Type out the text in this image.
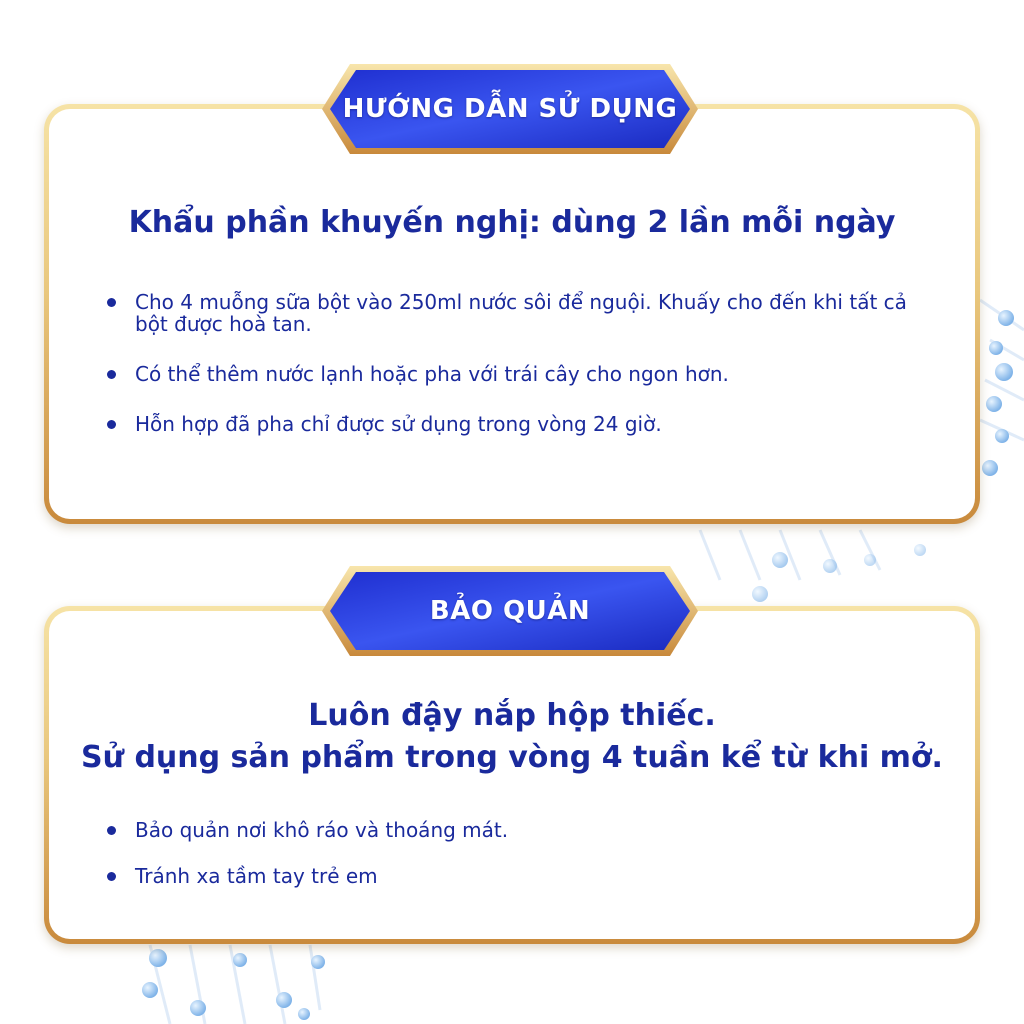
Khẩu phần khuyến nghị: dùng 2 lần mỗi ngày
Cho 4 muỗng sữa bột vào 250ml nước sôi để nguội. Khuấy cho đến khi tất cả bột được hoà tan.
Có thể thêm nước lạnh hoặc pha với trái cây cho ngon hơn.
Hỗn hợp đã pha chỉ được sử dụng trong vòng 24 giờ.
HƯỚNG DẪN SỬ DỤNG
Luôn đậy nắp hộp thiếc.
Sử dụng sản phẩm trong vòng 4 tuần kể từ khi mở.
Bảo quản nơi khô ráo và thoáng mát.
Tránh xa tầm tay trẻ em
BẢO QUẢN
